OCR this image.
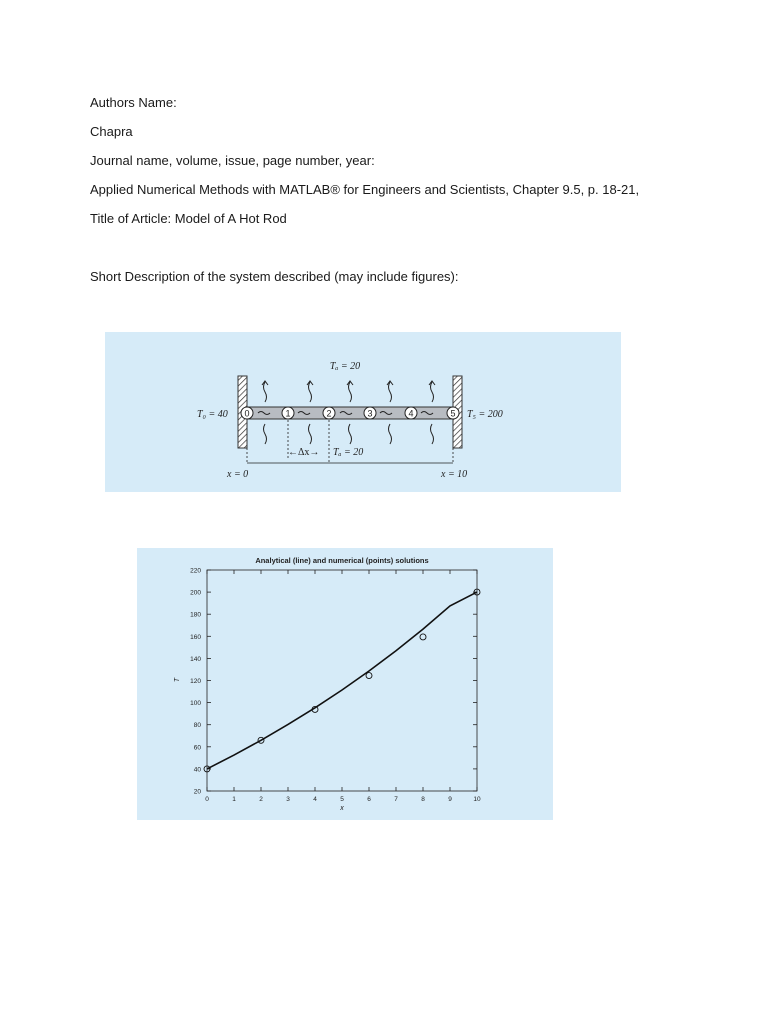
Authors Name:
Chapra
Journal name, volume, issue, page number, year:
Applied Numerical Methods with MATLAB® for Engineers and Scientists, Chapter 9.5, p. 18-21,
Title of Article: Model of A Hot Rod
Short Description of the system described (may include figures):
0	1	2	3	4	5
Tₐ = 20
T₀ = 40	T₅ = 200
←Δx→ Tₐ = 20
x = 0	x = 10
Analytical (line) and numerical (points) solutions
0	1	2	3	4	5	6	7	8	9	10
20
40
60
80
100
120
140
160
180
200
220
x
T
